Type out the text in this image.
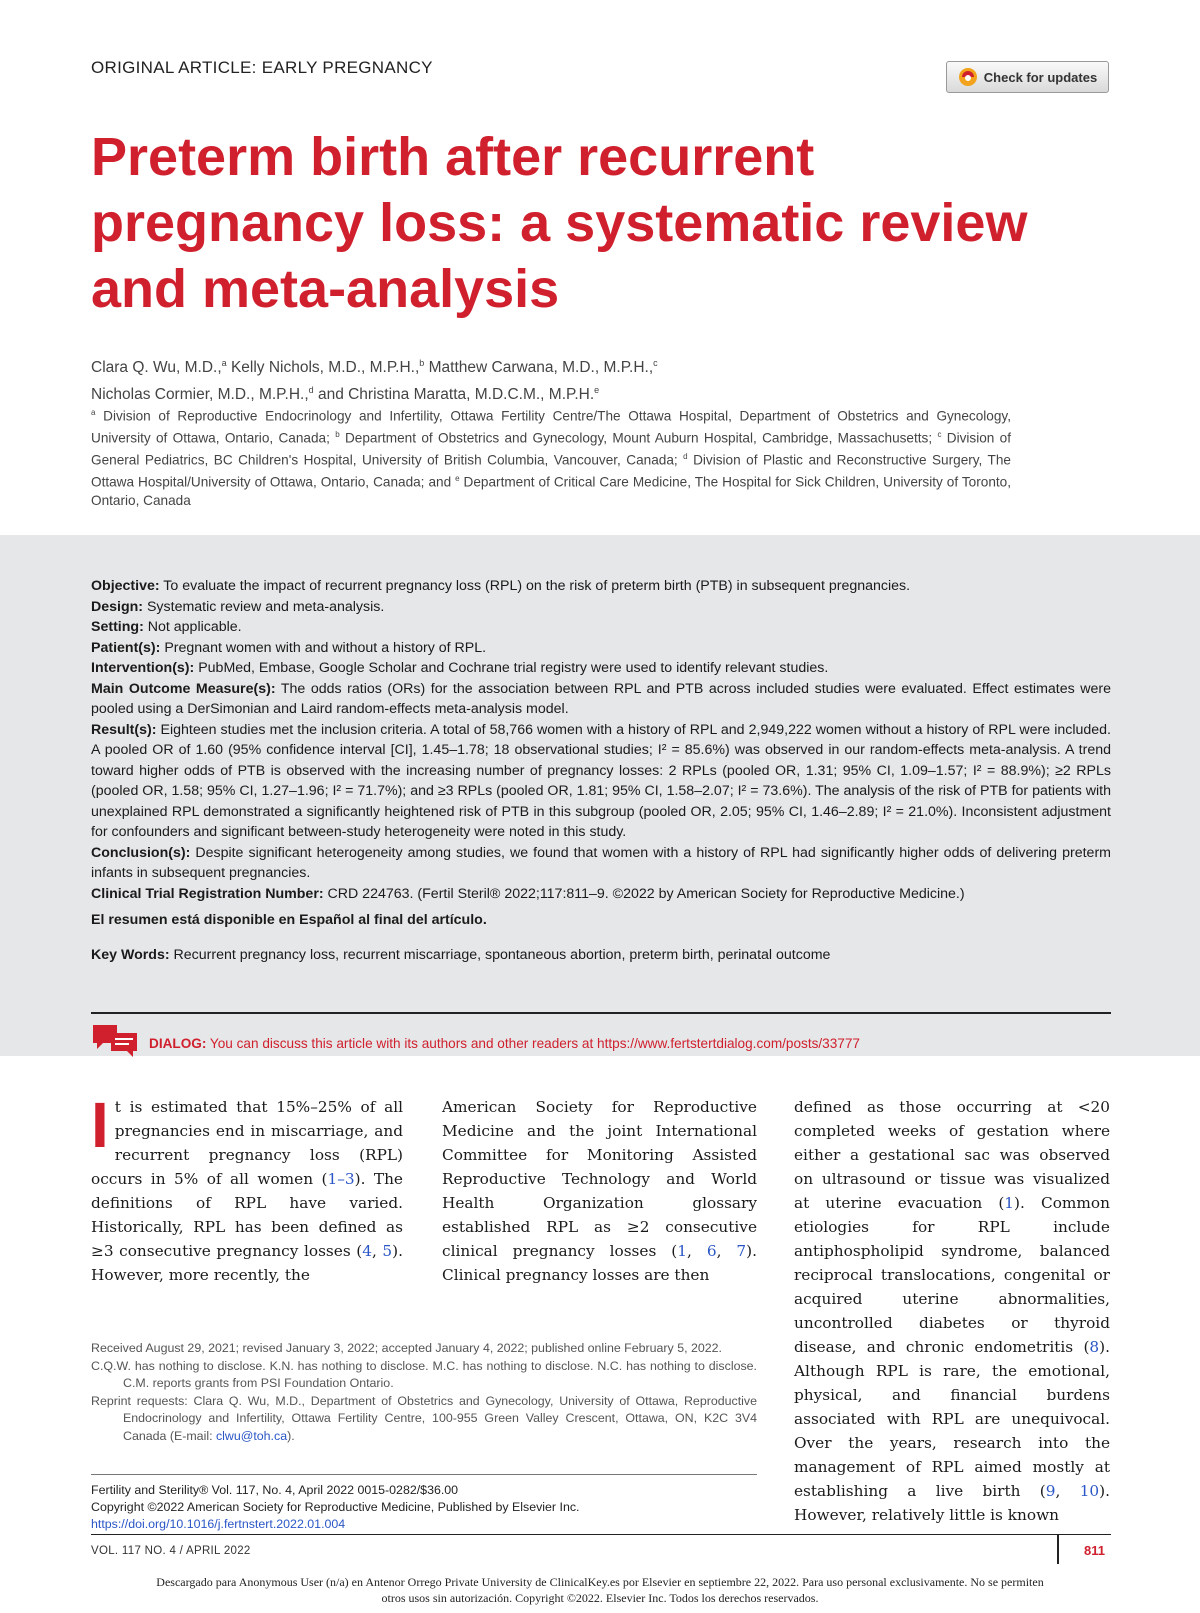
ORIGINAL ARTICLE: EARLY PREGNANCY	Check for updates
Preterm birth after recurrent pregnancy loss: a systematic review and meta-analysis
Clara Q. Wu, M.D.,$^a$ Kelly Nichols, M.D., M.P.H.,$^b$ Matthew Carwana, M.D., M.P.H.,$^c$
Nicholas Cormier, M.D., M.P.H.,$^d$ and Christina Maratta, M.D.C.M., M.P.H.$^e$
$^a$ Division of Reproductive Endocrinology and Infertility, Ottawa Fertility Centre/The Ottawa Hospital, Department of Obstetrics and Gynecology, University of Ottawa, Ontario, Canada; $^b$ Department of Obstetrics and Gynecology, Mount Auburn Hospital, Cambridge, Massachusetts; $^c$ Division of General Pediatrics, BC Children's Hospital, University of British Columbia, Vancouver, Canada; $^d$ Division of Plastic and Reconstructive Surgery, The Ottawa Hospital/University of Ottawa, Ontario, Canada; and $^e$ Department of Critical Care Medicine, The Hospital for Sick Children, University of Toronto, Ontario, Canada

Objective: To evaluate the impact of recurrent pregnancy loss (RPL) on the risk of preterm birth (PTB) in subsequent pregnancies.

Design: Systematic review and meta-analysis.

Setting: Not applicable.

Patient(s): Pregnant women with and without a history of RPL.

Intervention(s): PubMed, Embase, Google Scholar and Cochrane trial registry were used to identify relevant studies.

Main Outcome Measure(s): The odds ratios (ORs) for the association between RPL and PTB across included studies were evaluated. Effect estimates were pooled using a DerSimonian and Laird random-effects meta-analysis model.

Result(s): Eighteen studies met the inclusion criteria. A total of 58,766 women with a history of RPL and 2,949,222 women without a history of RPL were included. A pooled OR of 1.60 (95% confidence interval [CI], 1.45–1.78; 18 observational studies; I² = 85.6%) was observed in our random-effects meta-analysis. A trend toward higher odds of PTB is observed with the increasing number of pregnancy losses: 2 RPLs (pooled OR, 1.31; 95% CI, 1.09–1.57; I² = 88.9%); ≥2 RPLs (pooled OR, 1.58; 95% CI, 1.27–1.96; I² = 71.7%); and ≥3 RPLs (pooled OR, 1.81; 95% CI, 1.58–2.07; I² = 73.6%). The analysis of the risk of PTB for patients with unexplained RPL demonstrated a significantly heightened risk of PTB in this subgroup (pooled OR, 2.05; 95% CI, 1.46–2.89; I² = 21.0%). Inconsistent adjustment for confounders and significant between-study heterogeneity were noted in this study.

Conclusion(s): Despite significant heterogeneity among studies, we found that women with a history of RPL had significantly higher odds of delivering preterm infants in subsequent pregnancies.

Clinical Trial Registration Number: CRD 224763. (Fertil Steril® 2022;117:811–9. ©2022 by American Society for Reproductive Medicine.)

El resumen está disponible en Español al final del artículo.

Key Words: Recurrent pregnancy loss, recurrent miscarriage, spontaneous abortion, preterm birth, perinatal outcome

DIALOG: You can discuss this article with its authors and other readers at https://www.fertstertdialog.com/posts/33777

It is estimated that 15%–25% of all pregnancies end in miscarriage, and recurrent pregnancy loss (RPL) occurs in 5% of all women (1–3). The definitions of RPL have varied. Historically, RPL has been defined as ≥3 consecutive pregnancy losses (4, 5). However, more recently, the

American Society for Reproductive Medicine and the joint International Committee for Monitoring Assisted Reproductive Technology and World Health Organization glossary established RPL as ≥2 consecutive clinical pregnancy losses (1, 6, 7). Clinical pregnancy losses are then

defined as those occurring at <20 completed weeks of gestation where either a gestational sac was observed on ultrasound or tissue was visualized at uterine evacuation (1). Common etiologies for RPL include antiphospholipid syndrome, balanced reciprocal translocations, congenital or acquired uterine abnormalities, uncontrolled diabetes or thyroid disease, and chronic endometritis (8). Although RPL is rare, the emotional, physical, and financial burdens associated with RPL are unequivocal. Over the years, research into the management of RPL aimed mostly at establishing a live birth (9, 10). However, relatively little is known

Received August 29, 2021; revised January 3, 2022; accepted January 4, 2022; published online February 5, 2022.

C.Q.W. has nothing to disclose. K.N. has nothing to disclose. M.C. has nothing to disclose. N.C. has nothing to disclose. C.M. reports grants from PSI Foundation Ontario.

Reprint requests: Clara Q. Wu, M.D., Department of Obstetrics and Gynecology, University of Ottawa, Reproductive Endocrinology and Infertility, Ottawa Fertility Centre, 100-955 Green Valley Crescent, Ottawa, ON, K2C 3V4 Canada (E-mail: clwu@toh.ca).

Fertility and Sterility® Vol. 117, No. 4, April 2022 0015-0282/$36.00

Copyright ©2022 American Society for Reproductive Medicine, Published by Elsevier Inc.

https://doi.org/10.1016/j.fertnstert.2022.01.004

VOL. 117 NO. 4 / APRIL 2022	811
Descargado para Anonymous User (n/a) en Antenor Orrego Private University de ClinicalKey.es por Elsevier en septiembre 22, 2022. Para uso personal exclusivamente. No se permiten otros usos sin autorización. Copyright ©2022. Elsevier Inc. Todos los derechos reservados.
